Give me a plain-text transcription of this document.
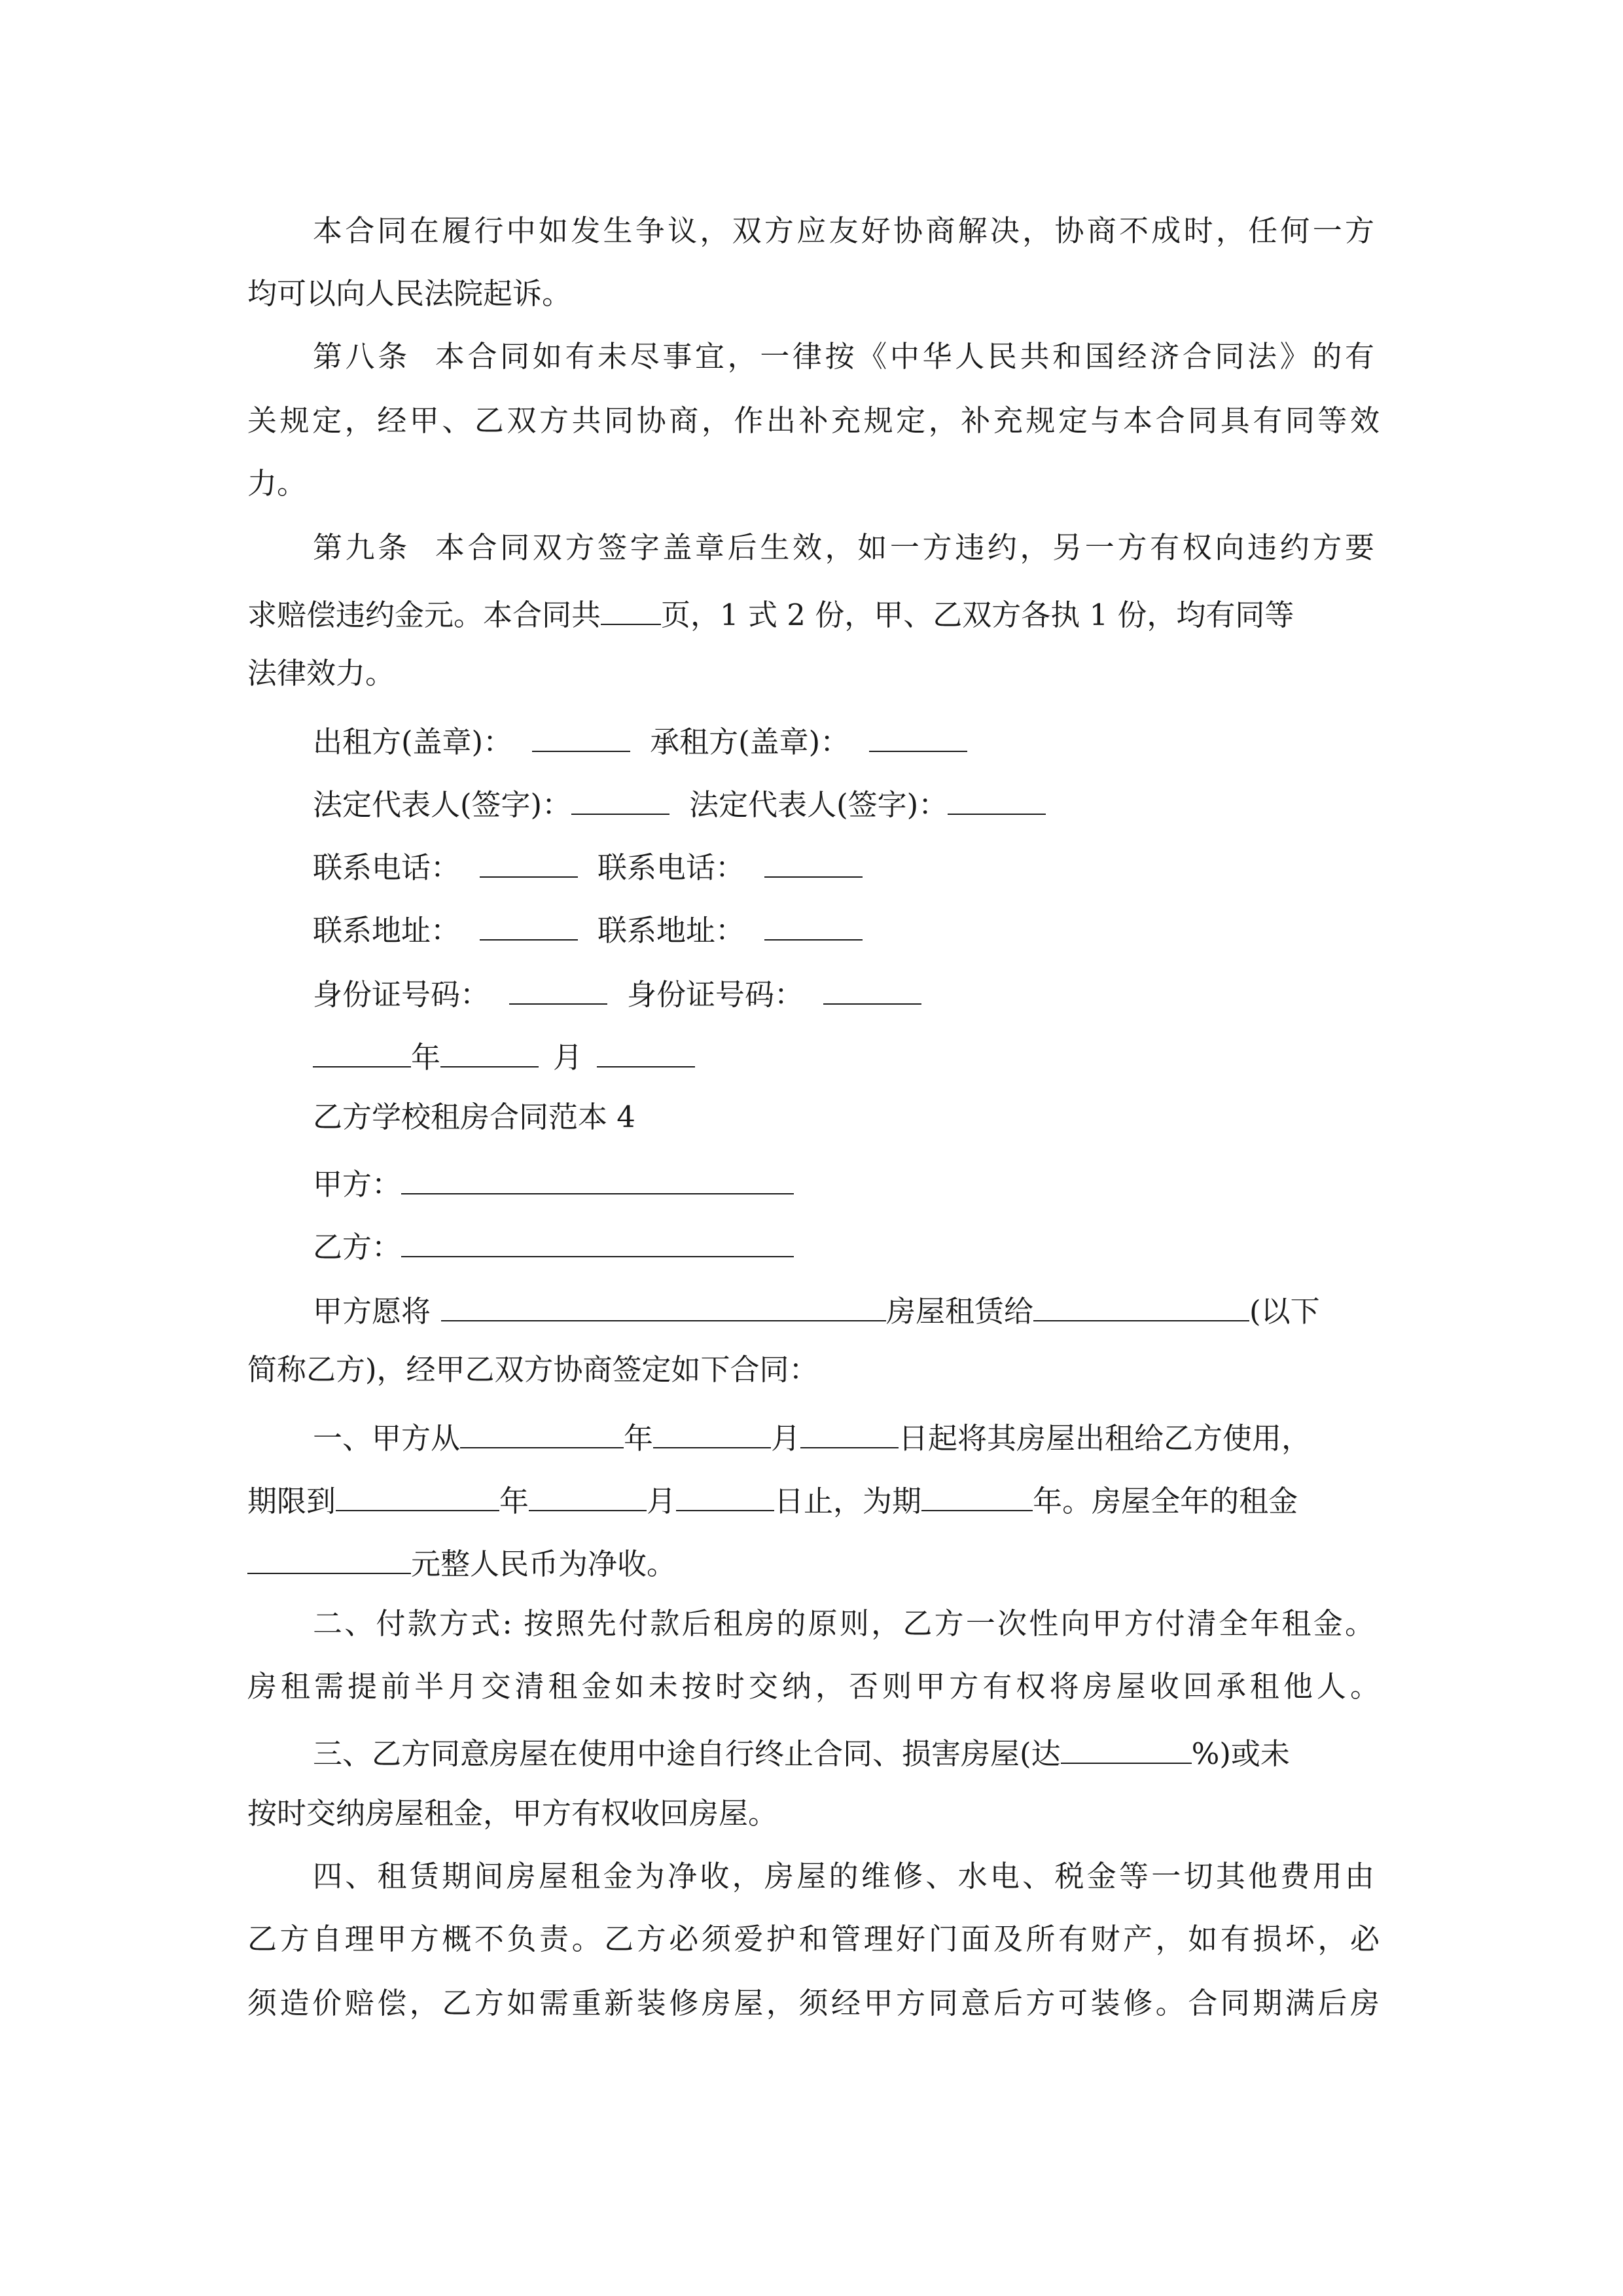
本合同在履行中如发生争议，双方应友好协商解决，协商不成时，任何一方
均可以向人民法院起诉。
第八条  本合同如有未尽事宜，一律按《中华人民共和国经济合同法》的有
关规定，经甲、乙双方共同协商，作出补充规定，补充规定与本合同具有同等效
力。
第九条  本合同双方签字盖章后生效，如一方违约，另一方有权向违约方要
求赔偿违约金元。本合同共 页，1 式 2 份，甲、乙双方各执 1 份，均有同等
法律效力。
出租方(盖章)：	承租方(盖章)：
法定代表人(签字)：	法定代表人(签字)：
联系电话：	联系电话：
联系地址：	联系地址：
身份证号码：	身份证号码：
年	月
乙方学校租房合同范本 4
甲方：
乙方：
甲方愿将	房屋租赁给	(以下
简称乙方)，经甲乙双方协商签定如下合同：
一、甲方从	年	月	日起将其房屋出租给乙方使用，
期限到	年	月	日止，为期	年。房屋全年的租金
元整人民币为净收。
二、付款方式: 按照先付款后租房的原则，乙方一次性向甲方付清全年租金。
房租需提前半月交清租金如未按时交纳，否则甲方有权将房屋收回承租他人。
三、乙方同意房屋在使用中途自行终止合同、损害房屋(达	%)或未
按时交纳房屋租金，甲方有权收回房屋。
四、租赁期间房屋租金为净收，房屋的维修、水电、税金等一切其他费用由
乙方自理甲方概不负责。乙方必须爱护和管理好门面及所有财产，如有损坏，必
须造价赔偿，乙方如需重新装修房屋，须经甲方同意后方可装修。合同期满后房
